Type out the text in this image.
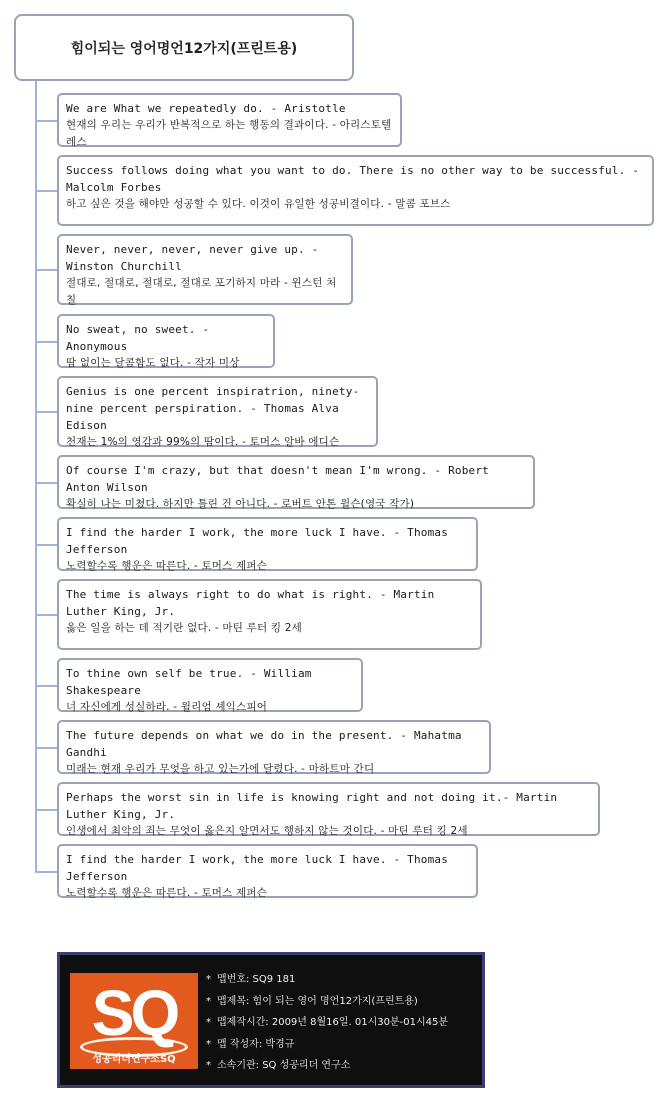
힘이되는 영어명언12가지(프린트용)
We are What we repeatedly do. - Aristotle
현재의 우리는 우리가 반복적으로 하는 행동의 결과이다. - 아리스토텔레스
Success follows doing what you want to do. There is no other way to be successful. - Malcolm Forbes
하고 싶은 것을 해야만 성공할 수 있다. 이것이 유일한 성공비결이다. - 말콤 포브스
Never, never, never, never give up. - Winston Churchill
절대로, 절대로, 절대로, 절대로 포기하지 마라 - 윈스턴 처칠
No sweat, no sweet. - Anonymous
땀 없이는 달콤함도 없다. - 작자 미상
Genius is one percent inspiratrion, ninety-nine percent perspiration. - Thomas Alva Edison
천재는 1%의 영감과 99%의 땀이다. - 토머스 알바 에디슨
Of course I'm crazy, but that doesn't mean I'm wrong. - Robert Anton Wilson
확실히 나는 미쳤다. 하지만 틀린 건 아니다. - 로버트 안톤 윌슨(영국 작가)
I find the harder I work, the more luck I have. - Thomas Jefferson
노력할수록 행운은 따른다. - 토머스 제퍼슨
The time is always right to do what is right. - Martin Luther King, Jr.
옳은 일을 하는 데 적기란 없다. - 마틴 루터 킹 2세
To thine own self be true. - William Shakespeare
너 자신에게 성실하라. - 윌리엄 셰익스피어
The future depends on what we do in the present. - Mahatma Gandhi
미래는 현재 우리가 무엇을 하고 있는가에 달렸다. - 마하트마 간디
Perhaps the worst sin in life is knowing right and not doing it.- Martin Luther King, Jr.
인생에서 최악의 죄는 무엇이 옳은지 알면서도 행하지 않는 것이다. - 마틴 루터 킹 2세
I find the harder I work, the more luck I have. - Thomas Jefferson
노력할수록 행운은 따른다. - 토머스 제퍼슨
SQ
성공리더연구소SQ
* 맵번호: SQ9 181
* 맵제목: 힘이 되는 영어 명언12가지(프린트용)
* 맵제작시간: 2009년 8월16일. 01시30분-01시45분
* 맵 작성자: 박경규
* 소속기관: SQ 성공리더 연구소
